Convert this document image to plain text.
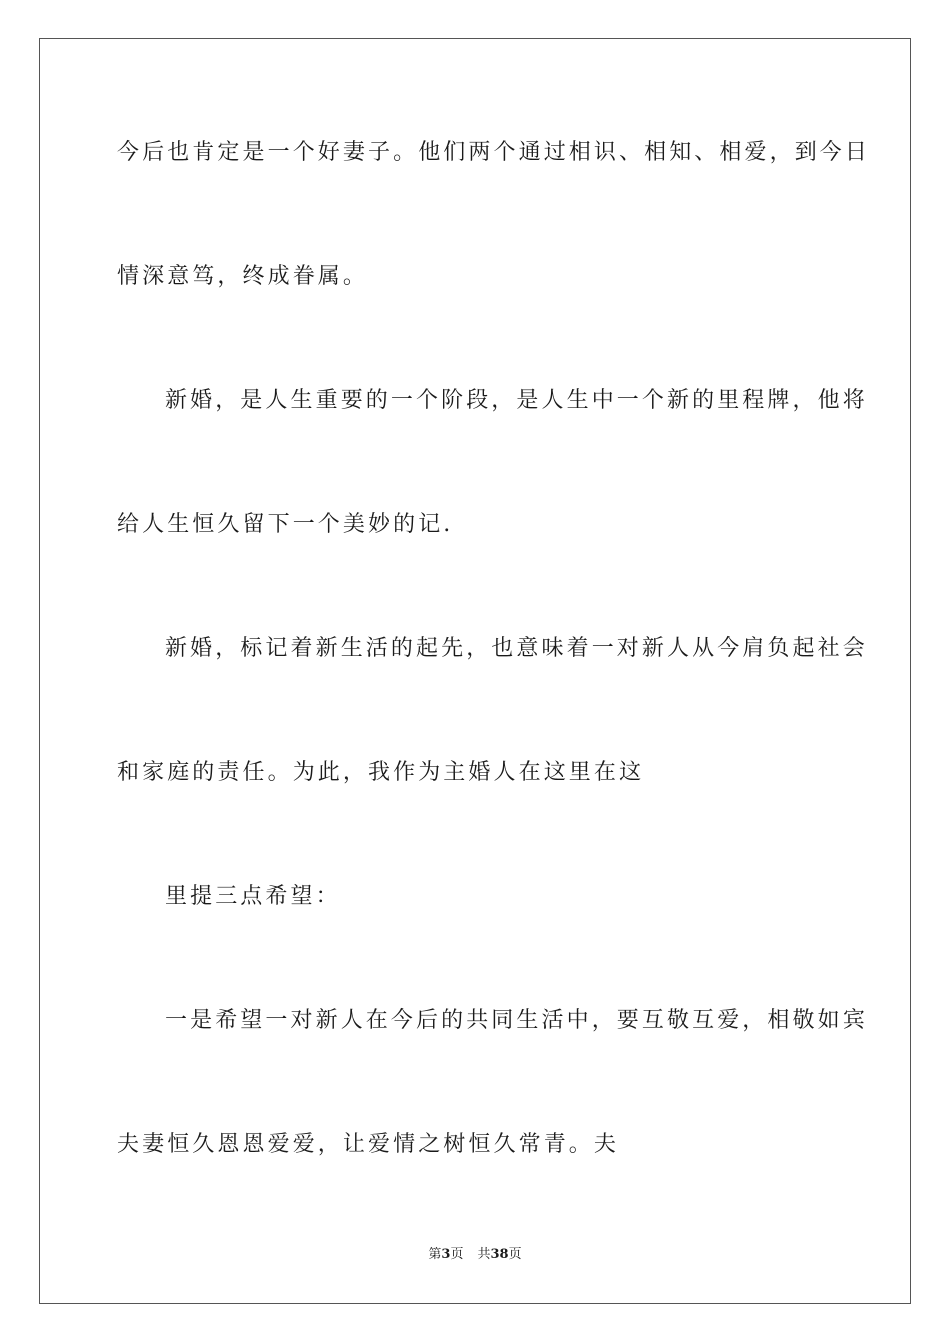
今后也肯定是一个好妻子。他们两个通过相识、相知、相爱，到今日

情深意笃，终成眷属。

新婚，是人生重要的一个阶段，是人生中一个新的里程牌，他将

给人生恒久留下一个美妙的记.

新婚，标记着新生活的起先，也意味着一对新人从今肩负起社会

和家庭的责任。为此，我作为主婚人在这里在这

里提三点希望：

一是希望一对新人在今后的共同生活中，要互敬互爱，相敬如宾

夫妻恒久恩恩爱爱，让爱情之树恒久常青。夫

第3页 共38页
